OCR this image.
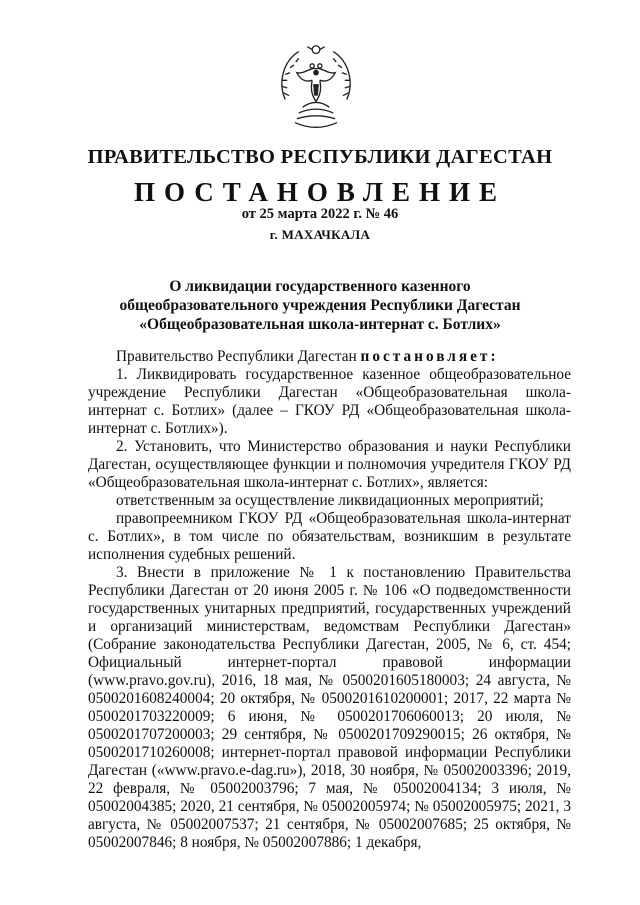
ПРАВИТЕЛЬСТВО РЕСПУБЛИКИ ДАГЕСТАН
ПОСТАНОВЛЕНИЕ
от 25 марта 2022 г. № 46
г. МАХАЧКАЛА
О ликвидации государственного казенного
общеобразовательного учреждения Республики Дагестан
«Общеобразовательная школа-интернат с. Ботлих»

Правительство Республики Дагестан постановляет:

1. Ликвидировать государственное казенное общеобразовательное учреждение Республики Дагестан «Общеобразовательная школа-интернат с. Ботлих» (далее – ГКОУ РД «Общеобразовательная школа-интернат с. Ботлих»).

2. Установить, что Министерство образования и науки Республики Дагестан, осуществляющее функции и полномочия учредителя ГКОУ РД «Общеобразовательная школа-интернат с. Ботлих», является:

ответственным за осуществление ликвидационных мероприятий;

правопреемником ГКОУ РД «Общеобразовательная школа-интернат с. Ботлих», в том числе по обязательствам, возникшим в результате исполнения судебных решений.

3. Внести в приложение № 1 к постановлению Правительства Республики Дагестан от 20 июня 2005 г. № 106 «О подведомственности государственных унитарных предприятий, государственных учреждений и организаций министерствам, ведомствам Республики Дагестан» (Собрание законодательства Республики Дагестан, 2005, № 6, ст. 454; Официальный интернет-портал правовой информации (www.pravo.gov.ru), 2016, 18 мая, № 0500201605180003; 24 августа, № 0500201608240004; 20 октября, № 0500201610200001; 2017, 22 марта № 0500201703220009; 6 июня, № 0500201706060013; 20 июля, № 0500201707200003; 29 сентября, № 0500201709290015; 26 октября, № 0500201710260008; интернет-портал правовой информации Республики Дагестан («www.pravo.e-dag.ru»), 2018, 30 ноября, № 05002003396; 2019, 22 февраля, № 05002003796; 7 мая, № 05002004134; 3 июля, № 05002004385; 2020, 21 сентября, № 05002005974; № 05002005975; 2021, 3 августа, № 05002007537; 21 сентября, № 05002007685; 25 октября, № 05002007846; 8 ноября, № 05002007886; 1 декабря,
